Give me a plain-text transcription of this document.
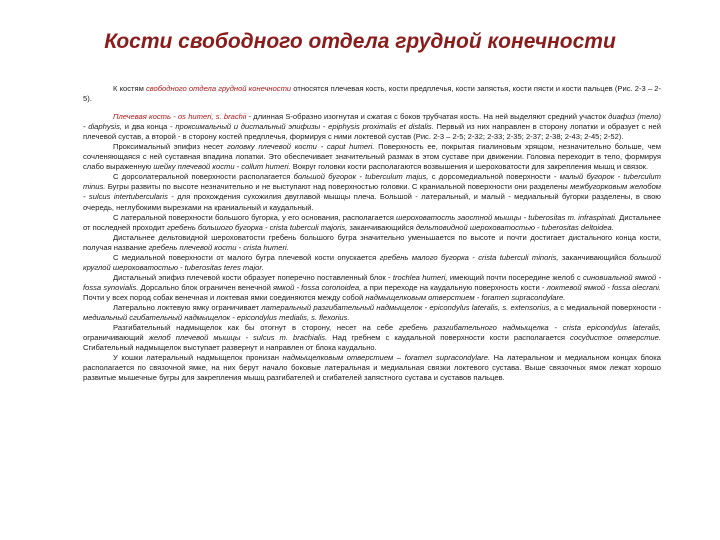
Кости свободного отдела грудной конечности

К костям свободного отдела грудной конечности относятся плечевая кость, кости предплечья, кости запястья, кости пясти и кости пальцев (Рис. 2-3 – 2-5).

Плечевая кость - os humeri, s. brachii - длинная S-образно изогнутая и сжатая с боков трубчатая кость. На ней выделяют средний участок диафиз (тело) - diaphysis, и два конца - проксимальный и дистальный эпифизы - epiphysis proximalis et distalis. Первый из них направлен в сторону лопатки и образует с ней плечевой сустав, а второй - в сторону костей предплечья, формируя с ними локтевой сустав (Рис. 2-3 – 2-5; 2-32; 2-33; 2-35; 2-37; 2-38; 2-43; 2-45; 2-52).

Проксимальный эпифиз несет головку плечевой кости - caput humeri. Поверхность ее, покрытая гиалиновым хрящом, незначительно больше, чем сочленяющаяся с ней суставная впадина лопатки. Это обеспечивает значительный размах в этом суставе при движении. Головка переходит в тело, формируя слабо выраженную шейку плечевой кости - collum humeri. Вокруг головки кости располагаются возвышения и шероховатости для закрепления мышц и связок.

С дорсолатеральной поверхности располагается большой бугорок - tuberculum majus, с дорсомедиальной поверхности - малый бугорок - tuberculum minus. Бугры развиты по высоте незначительно и не выступают над поверхностью головки. С краниальной поверхности они разделены межбугорковым желобом - sulcus intertubercularis - для прохождения сухожилия двуглавой мышцы плеча. Большой - латеральный, и малый - медиальный бугорки разделены, в свою очередь, неглубокими вырезками на краниальный и каудальный.

С латеральной поверхности большого бугорка, у его основания, располагается шероховатость заостной мышцы - tuberositas m. infraspinati. Дистальнее от последней проходит гребень большого бугорка - crista tuberculi majoris, заканчивающийся дельтовидной шероховатостью - tuberositas deltoidea.

Дистальнее дельтовидной шероховатости гребень большого бугра значительно уменьшается по высоте и почти достигает дистального конца кости, получая название гребень плечевой кости - crista humeri.

С медиальной поверхности от малого бугра плечевой кости опускается гребень малого бугорка - crista tuberculi minoris, заканчивающийся большой круглой шероховатостью - tuberositas teres major.

Дистальный эпифиз плечевой кости образует поперечно поставленный блок - trochlea humeri, имеющий почти посередине желоб с синовиальной ямкой - fossa synovialis. Дорсально блок ограничен венечной ямкой - fossa coronoidea, а при переходе на каудальную поверхность кости - локтевой ямкой - fossa olecrani. Почти у всех пород собак венечная и локтевая ямки соединяются между собой надмыщелковым отверстием - foramen supracondylare.

Латерально локтевую ямку ограничивает латеральный разгибательный надмыщелок - epicondylus lateralis, s. extensorius, а с медиальной поверхности - медиальный сгибательный надмыщелок - epicondylus medialis, s. flexorius.

Разгибательный надмыщелок как бы отогнут в сторону, несет на себе гребень разгибательного надмыщелка - crista epicondylus lateralis, ограничивающий желоб плечевой мышцы - sulcus m. brachialis. Над гребнем с каудальной поверхности кости располагается сосудистое отверстие. Сгибательный надмыщелок выступает развернут и направлен от блока каудально.

У кошки латеральный надмыщелок пронизан надмыщелковым отверстием – foramen supracondylare. На латеральном и медиальном концах блока располагается по связочной ямке, на них берут начало боковые латеральная и медиальная связки локтевого сустава. Выше связочных ямок лежат хорошо развитые мышечные бугры для закрепления мышц разгибателей и сгибателей запястного сустава и суставов пальцев.
